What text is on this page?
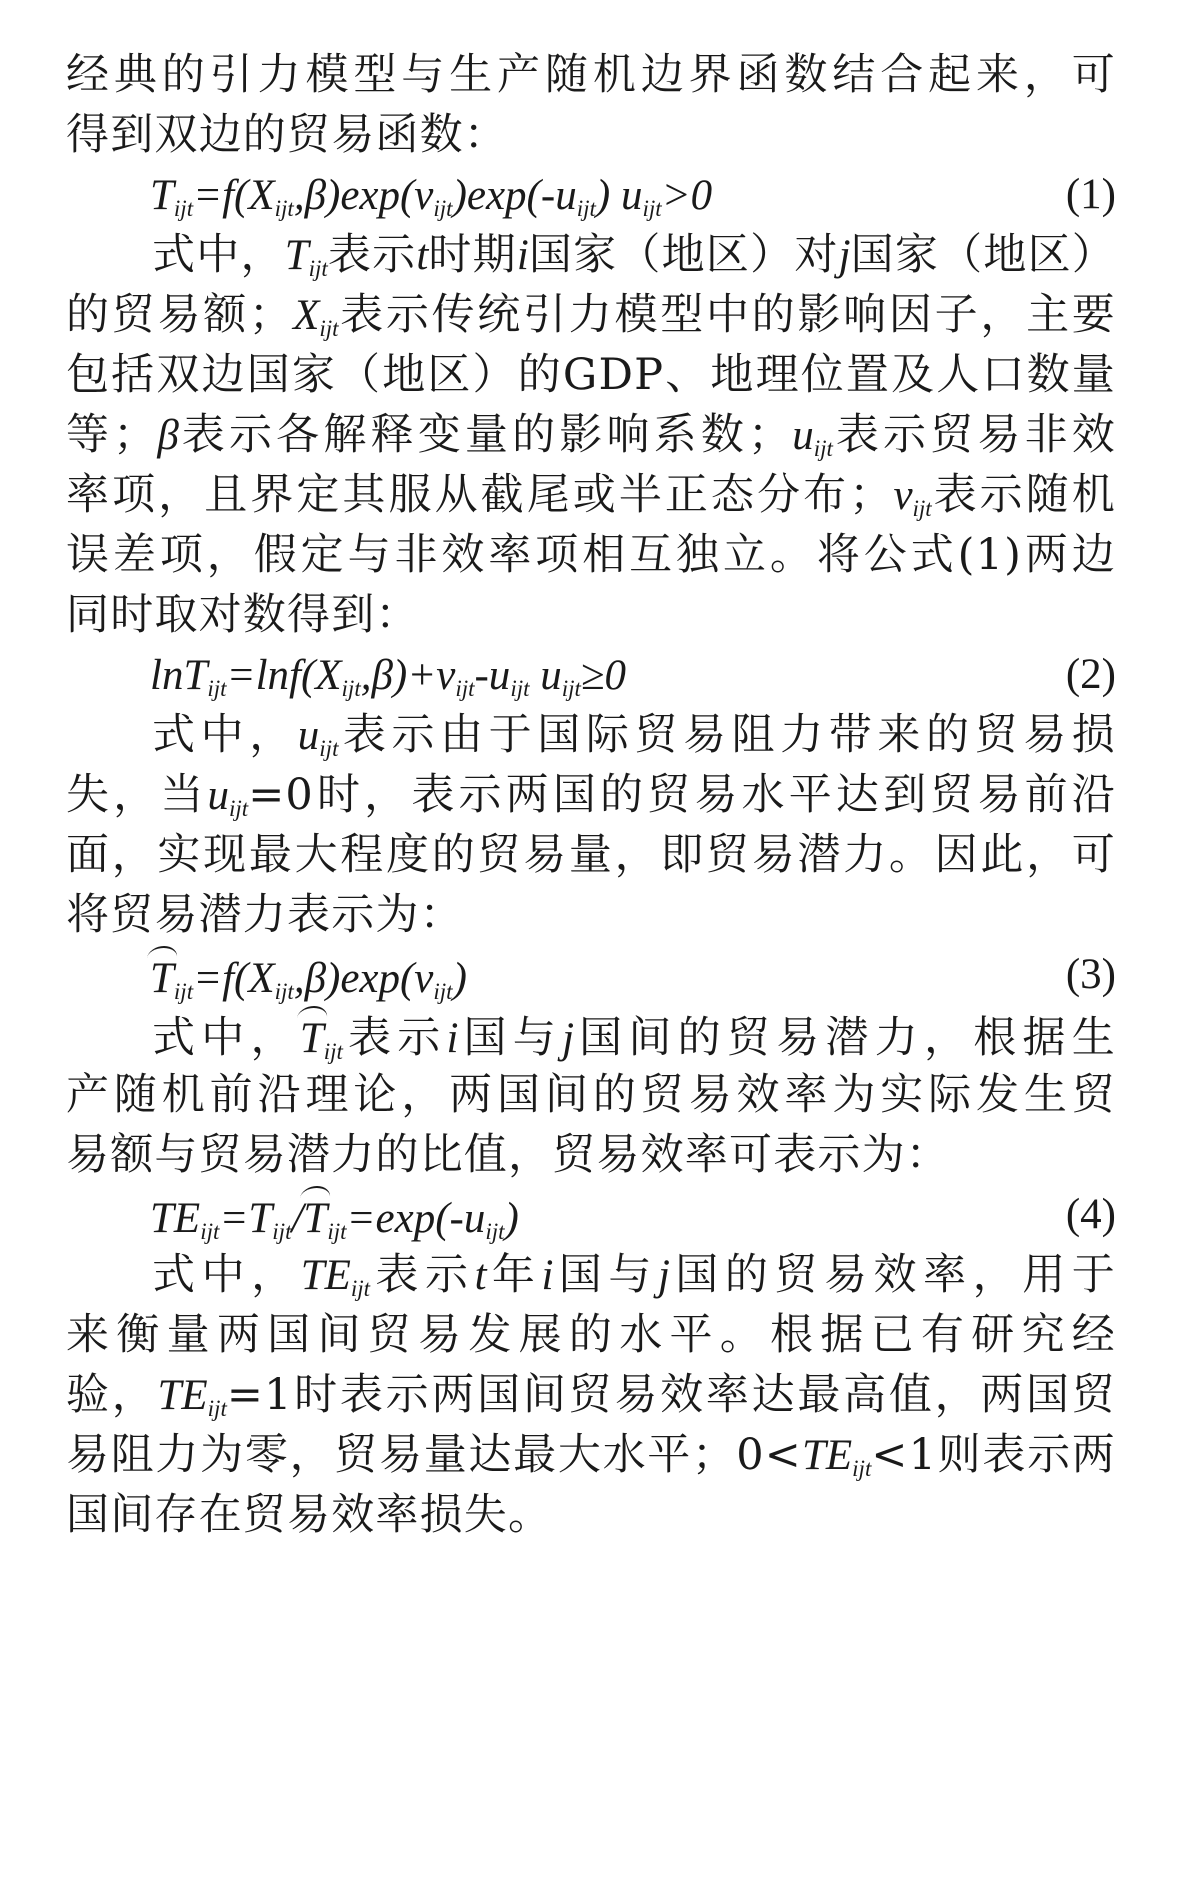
经典的引力模型与生产随机边界函数结合起来，可
得到双边的贸易函数：
$T_{ijt}=f(X_{ijt},\beta)\exp(v_{ijt})\exp(-u_{ijt})$ $u_{ijt}>0$	(1)
式中，$T_{ijt}$表示t时期i国家（地区）对j国家（地区）
的贸易额；$X_{ijt}$表示传统引力模型中的影响因子，主要
包括双边国家（地区）的GDP、地理位置及人口数量
等；β表示各解释变量的影响系数；$u_{ijt}$表示贸易非效
率项，且界定其服从截尾或半正态分布；$v_{ijt}$表示随机
误差项，假定与非效率项相互独立。将公式(1)两边
同时取对数得到：
$\ln T_{ijt}=\ln f(X_{ijt},\beta)+v_{ijt}-u_{ijt}$ $u_{ijt}\ge 0$	(2)
式中，$u_{ijt}$表示由于国际贸易阻力带来的贸易损
失，当$u_{ijt}=0$时，表示两国的贸易水平达到贸易前沿
面，实现最大程度的贸易量，即贸易潜力。因此，可
将贸易潜力表示为：
$T_{ijt}=f(X_{ijt},\beta)\exp(v_{ijt})$	(3)
式中，$T_{ijt}$表示i国与j国间的贸易潜力，根据生
产随机前沿理论，两国间的贸易效率为实际发生贸
易额与贸易潜力的比值，贸易效率可表示为：
$TE_{ijt}=T_{ijt}/T_{ijt}=\exp(-u_{ijt})$	(4)
式中，$TE_{ijt}$表示t年i国与j国的贸易效率，用于
来衡量两国间贸易发展的水平。根据已有研究经
验，$TE_{ijt}=1$时表示两国间贸易效率达最高值，两国贸
易阻力为零，贸易量达最大水平；$0<TE_{ijt}<1$则表示两
国间存在贸易效率损失。
